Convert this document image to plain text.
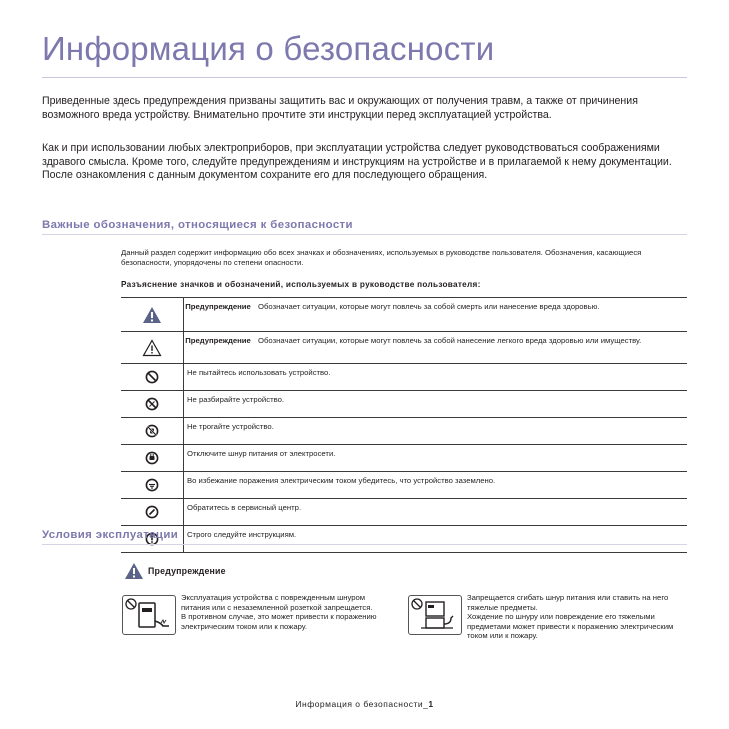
Информация о безопасности
Приведенные здесь предупреждения призваны защитить вас и окружающих от получения травм, а также от причинения возможного вреда устройству. Внимательно прочтите эти инструкции перед эксплуатацией устройства.
Как и при использовании любых электроприборов, при эксплуатации устройства следует руководствоваться соображениями здравого смысла. Кроме того, следуйте предупреждениям и инструкциям на устройстве и в прилагаемой к нему документации. После ознакомления с данным документом сохраните его для последующего обращения.
Важные обозначения, относящиеся к безопасности
Данный раздел содержит информацию обо всех значках и обозначениях, используемых в руководстве пользователя. Обозначения, касающиеся безопасности, упорядочены по степени опасности.
Разъяснение значков и обозначений, используемых в руководстве пользователя:
	Предупреждение	Обозначает ситуации, которые могут повлечь за собой смерть или нанесение вреда здоровью.

	Предупреждение	Обозначает ситуации, которые могут повлечь за собой нанесение легкого вреда здоровью или имуществу.

	Не пытайтесь использовать устройство.	

	Не разбирайте устройство.	

	Не трогайте устройство.	

	Отключите шнур питания от электросети.	

	Во избежание поражения электрическим током убедитесь, что устройство заземлено.	

	Обратитесь в сервисный центр.	

	Строго следуйте инструкциям.	
Условия эксплуатации
Предупреждение
Эксплуатация устройства с поврежденным шнуром питания или с незаземленной розеткой запрещается.
В противном случае, это может привести к поражению электрическим током или к пожару.
Запрещается сгибать шнур питания или ставить на него тяжелые предметы.
Хождение по шнуру или повреждение его тяжелыми предметами может привести к поражению электрическим током или к пожару.
Информация о безопасности_1
